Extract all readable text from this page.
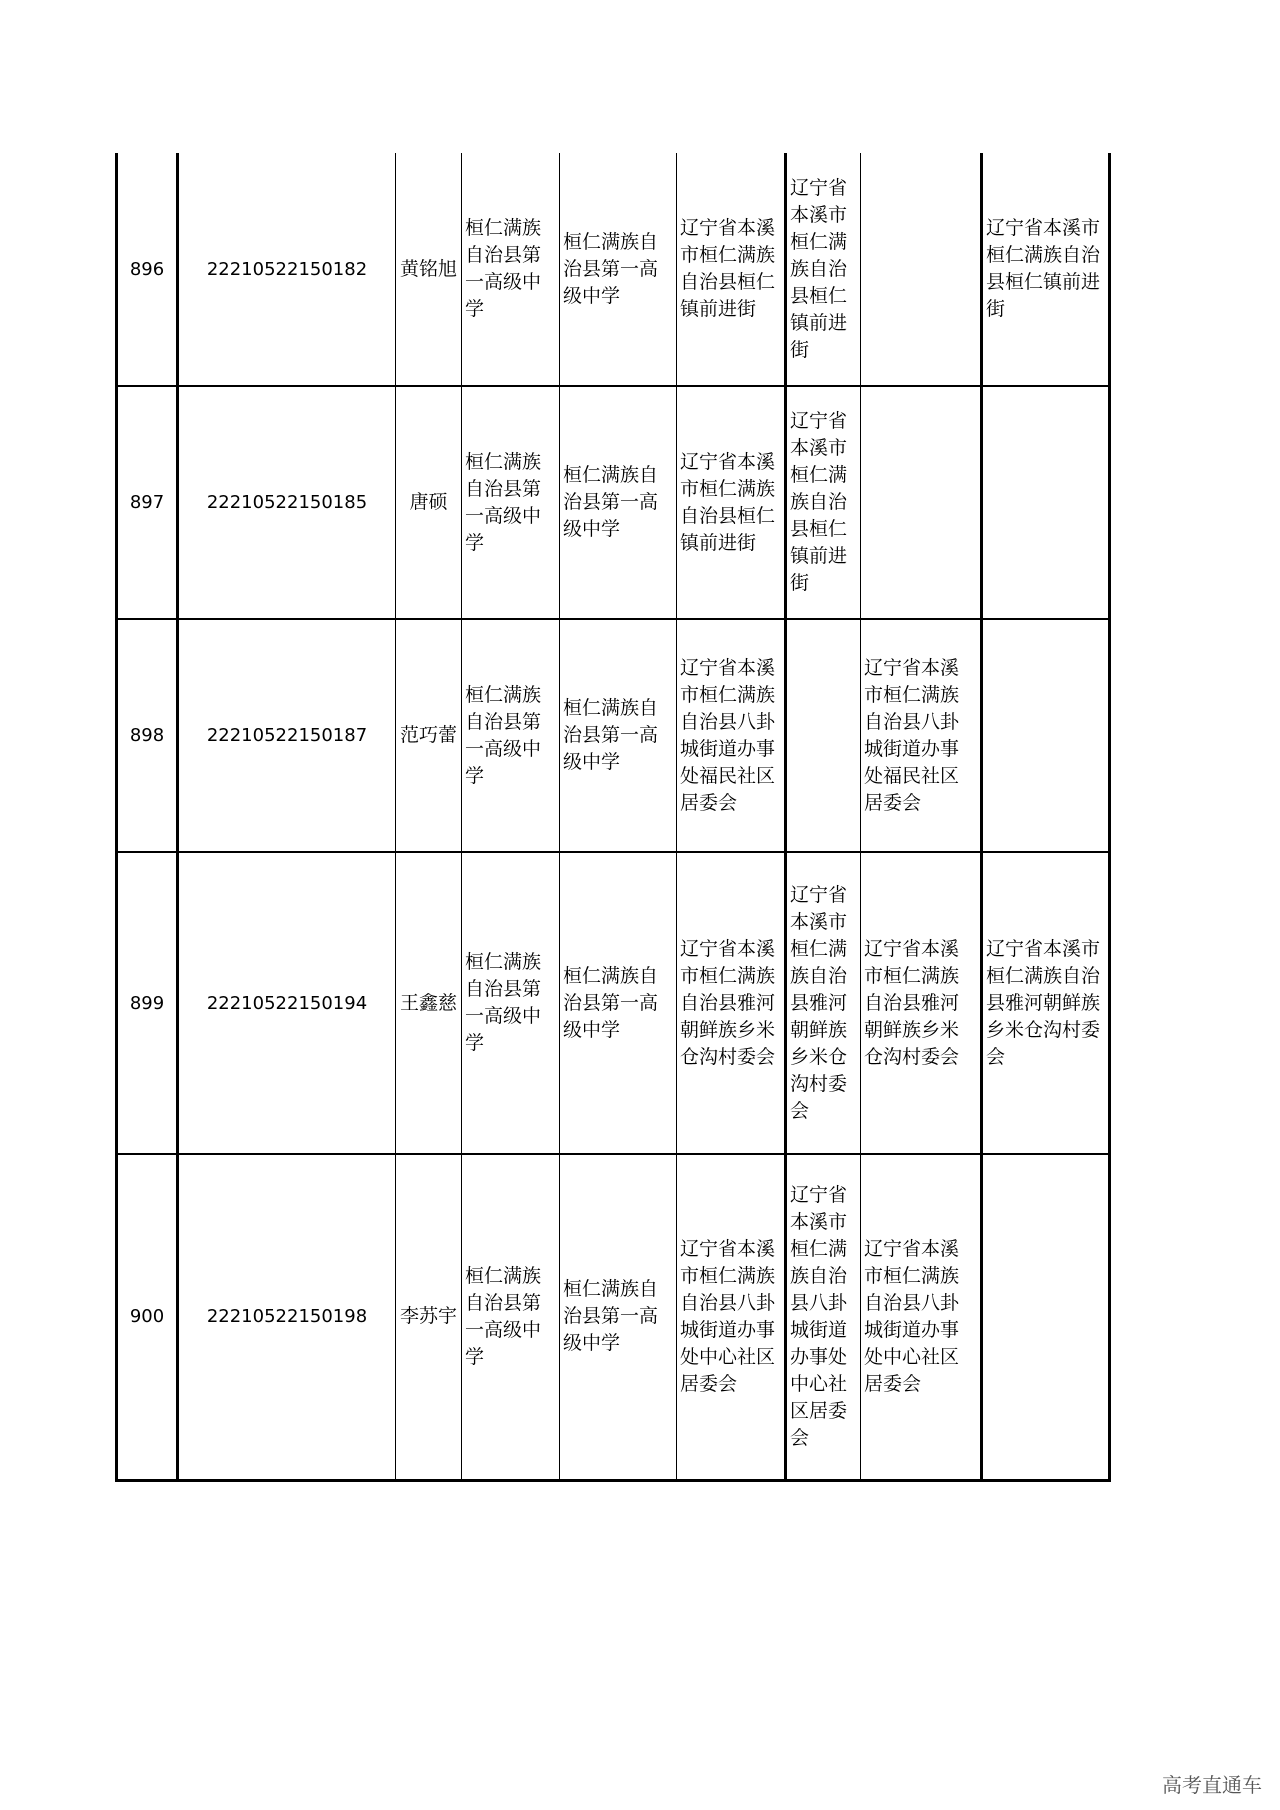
896	22210522150182	黄铭旭	桓仁满族自治县第一高级中学	桓仁满族自治县第一高级中学	辽宁省本溪市桓仁满族自治县桓仁镇前进街	辽宁省本溪市桓仁满族自治县桓仁镇前进街		辽宁省本溪市桓仁满族自治县桓仁镇前进街
897	22210522150185	唐硕	桓仁满族自治县第一高级中学	桓仁满族自治县第一高级中学	辽宁省本溪市桓仁满族自治县桓仁镇前进街	辽宁省本溪市桓仁满族自治县桓仁镇前进街		
898	22210522150187	范巧蕾	桓仁满族自治县第一高级中学	桓仁满族自治县第一高级中学	辽宁省本溪市桓仁满族自治县八卦城街道办事处福民社区居委会		辽宁省本溪市桓仁满族自治县八卦城街道办事处福民社区居委会	
899	22210522150194	王鑫慈	桓仁满族自治县第一高级中学	桓仁满族自治县第一高级中学	辽宁省本溪市桓仁满族自治县雅河朝鲜族乡米仓沟村委会	辽宁省本溪市桓仁满族自治县雅河朝鲜族乡米仓沟村委会	辽宁省本溪市桓仁满族自治县雅河朝鲜族乡米仓沟村委会	辽宁省本溪市桓仁满族自治县雅河朝鲜族乡米仓沟村委会
900	22210522150198	李苏宇	桓仁满族自治县第一高级中学	桓仁满族自治县第一高级中学	辽宁省本溪市桓仁满族自治县八卦城街道办事处中心社区居委会	辽宁省本溪市桓仁满族自治县八卦城街道办事处中心社区居委会	辽宁省本溪市桓仁满族自治县八卦城街道办事处中心社区居委会	
高考直通车
